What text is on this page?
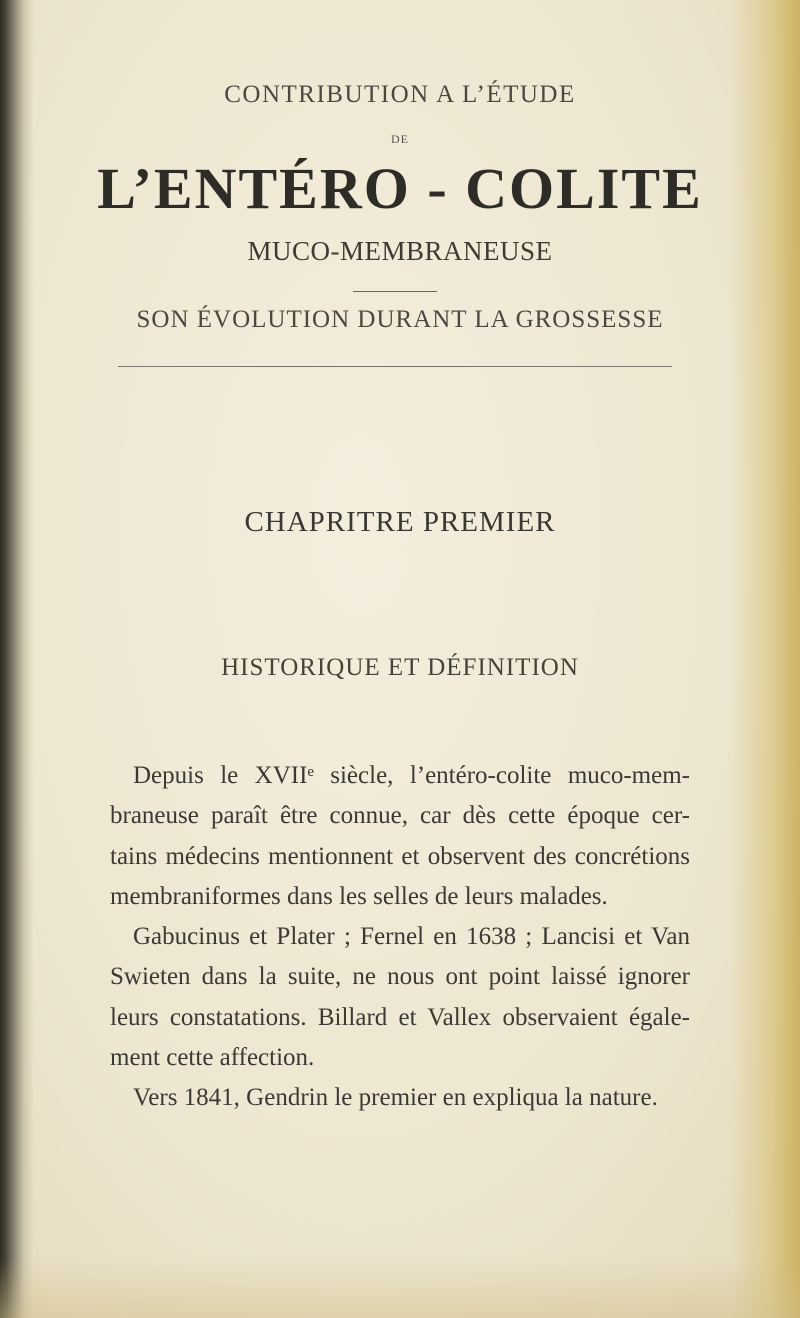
CONTRIBUTION A L’ÉTUDE
DE
L’ENTÉRO - COLITE
MUCO-MEMBRANEUSE
SON ÉVOLUTION DURANT LA GROSSESSE
CHAPRITRE PREMIER
HISTORIQUE ET DÉFINITION
Depuis le XVIIᵉ siècle, l’entéro-colite muco-mem-
braneuse paraît être connue, car dès cette époque cer-
tains médecins mentionnent et observent des concrétions
membraniformes dans les selles de leurs malades.
Gabucinus et Plater ; Fernel en 1638 ; Lancisi et Van
Swieten dans la suite, ne nous ont point laissé ignorer
leurs constatations. Billard et Vallex observaient égale-
ment cette affection.
Vers 1841, Gendrin le premier en expliqua la nature.
